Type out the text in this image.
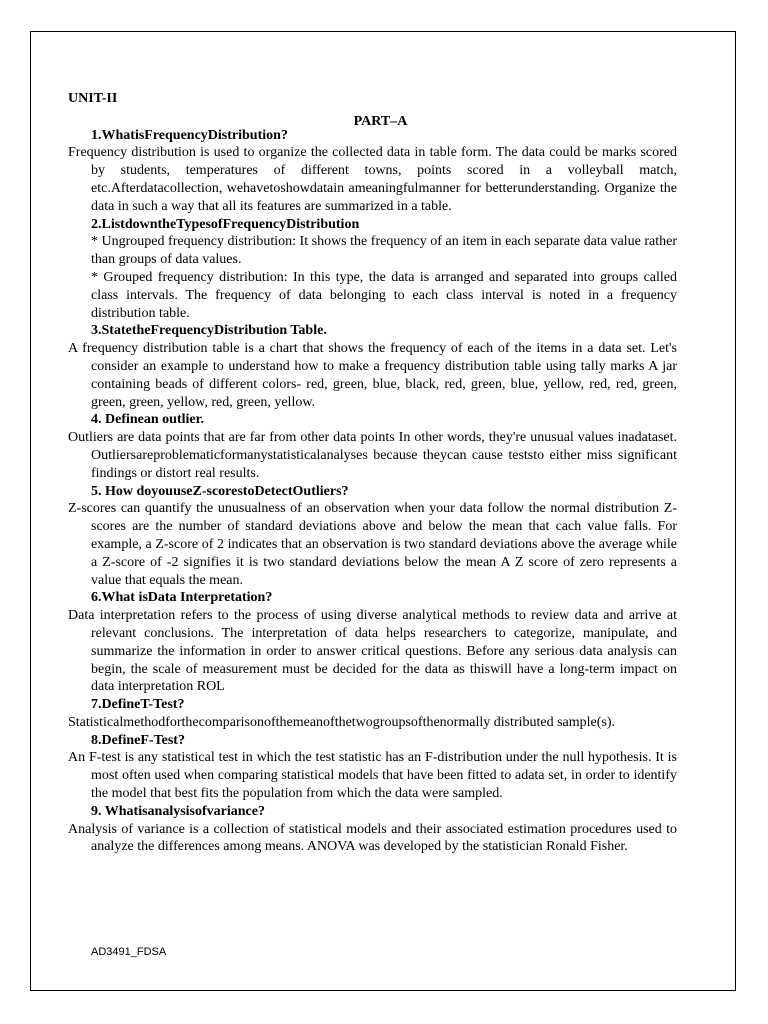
UNIT-II
PART–A
1.WhatisFrequencyDistribution?
Frequency distribution is used to organize the collected data in table form. The data could be marks scored by students, temperatures of different towns, points scored in a volleyball match, etc.Afterdatacollection, wehavetoshowdatain ameaningfulmanner for betterunderstanding. Organize the data in such a way that all its features are summarized in a table.
2.ListdowntheTypesofFrequencyDistribution
* Ungrouped frequency distribution: It shows the frequency of an item in each separate data value rather than groups of data values.
* Grouped frequency distribution: In this type, the data is arranged and separated into groups called class intervals. The frequency of data belonging to each class interval is noted in a frequency distribution table.
3.StatetheFrequencyDistribution Table.
A frequency distribution table is a chart that shows the frequency of each of the items in a data set. Let's consider an example to understand how to make a frequency distribution table using tally marks A jar containing beads of different colors- red, green, blue, black, red, green, blue, yellow, red, red, green, green, green, yellow, red, green, yellow.
4. Definean outlier.
Outliers are data points that are far from other data points In other words, they're unusual values inadataset. Outliersareproblematicformanystatisticalanalyses because theycan cause teststo either miss significant findings or distort real results.
5. How doyouuseZ-scorestoDetectOutliers?
Z-scores can quantify the unusualness of an observation when your data follow the normal distribution Z-scores are the number of standard deviations above and below the mean that cach value falls. For example, a Z-score of 2 indicates that an observation is two standard deviations above the average while a Z-score of -2 signifies it is two standard deviations below the mean A Z score of zero represents a value that equals the mean.
6.What isData Interpretation?
Data interpretation refers to the process of using diverse analytical methods to review data and arrive at relevant conclusions. The interpretation of data helps researchers to categorize, manipulate, and summarize the information in order to answer critical questions. Before any serious data analysis can begin, the scale of measurement must be decided for the data as thiswill have a long-term impact on data interpretation ROL
7.DefineT-Test?
Statisticalmethodforthecomparisonofthemeanofthetwogroupsofthenormally distributed sample(s).
8.DefineF-Test?
An F-test is any statistical test in which the test statistic has an F-distribution under the null hypothesis. It is most often used when comparing statistical models that have been fitted to adata set, in order to identify the model that best fits the population from which the data were sampled.
9. Whatisanalysisofvariance?
Analysis of variance is a collection of statistical models and their associated estimation procedures used to analyze the differences among means. ANOVA was developed by the statistician Ronald Fisher.
AD3491_FDSA
